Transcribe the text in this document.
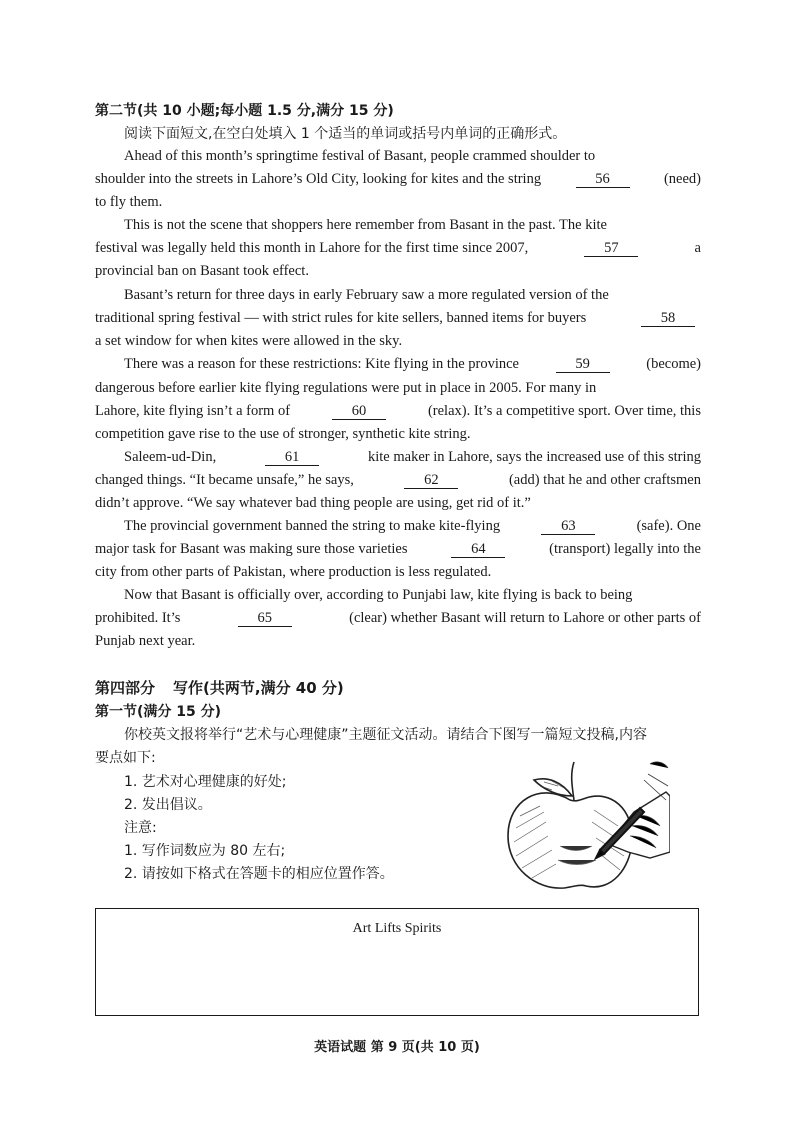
第二节(共 10 小题;每小题 1.5 分,满分 15 分)
阅读下面短文,在空白处填入 1 个适当的单词或括号内单词的正确形式。
Ahead of this month’s springtime festival of Basant, people crammed shoulder to
shoulder into the streets in Lahore’s Old City, looking for kites and the string	56	(need)
to fly them.
This is not the scene that shoppers here remember from Basant in the past. The kite
festival was legally held this month in Lahore for the first time since 2007,	57	a
provincial ban on Basant took effect.
Basant’s return for three days in early February saw a more regulated version of the
traditional spring festival — with strict rules for kite sellers, banned items for buyers	58
a set window for when kites were allowed in the sky.
There was a reason for these restrictions: Kite flying in the province	59	(become)
dangerous before earlier kite flying regulations were put in place in 2005. For many in
Lahore, kite flying isn’t a form of	60	(relax). It’s a competitive sport. Over time, this
competition gave rise to the use of stronger, synthetic kite string.
Saleem-ud-Din,	61	kite maker in Lahore, says the increased use of this string
changed things. “It became unsafe,” he says,	62	(add) that he and other craftsmen
didn’t approve. “We say whatever bad thing people are using, get rid of it.”
The provincial government banned the string to make kite-flying	63	(safe). One
major task for Basant was making sure those varieties	64	(transport) legally into the
city from other parts of Pakistan, where production is less regulated.
Now that Basant is officially over, according to Punjabi law, kite flying is back to being
prohibited. It’s	65	(clear) whether Basant will return to Lahore or other parts of
Punjab next year.
第四部分 写作(共两节,满分 40 分)
第一节(满分 15 分)
你校英文报将举行“艺术与心理健康”主题征文活动。请结合下图写一篇短文投稿,内容
要点如下:
1. 艺术对心理健康的好处;
2. 发出倡议。
注意:
1. 写作词数应为 80 左右;
2. 请按如下格式在答题卡的相应位置作答。
Art Lifts Spirits
英语试题 第 9 页(共 10 页)
